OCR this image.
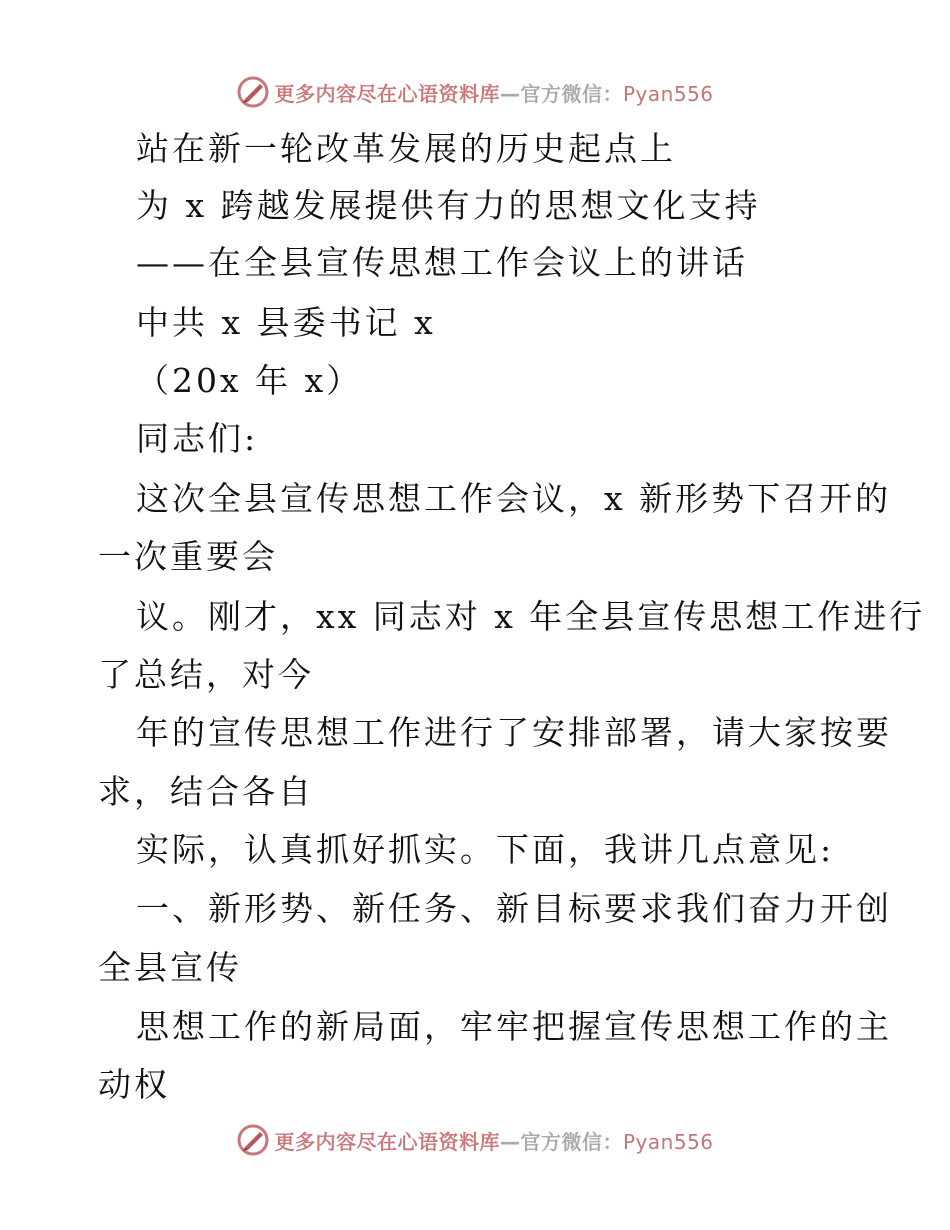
更多内容尽在心语资料库—官方微信：Pyan556
站在新一轮改革发展的历史起点上
为 x 跨越发展提供有力的思想文化支持
——在全县宣传思想工作会议上的讲话
中共 x 县委书记 x
（20x 年 x）
同志们:
这次全县宣传思想工作会议，x 新形势下召开的
一次重要会
议。刚才，xx 同志对 x 年全县宣传思想工作进行
了总结，对今
年的宣传思想工作进行了安排部署，请大家按要
求，结合各自
实际，认真抓好抓实。下面，我讲几点意见:
一、新形势、新任务、新目标要求我们奋力开创
全县宣传
思想工作的新局面，牢牢把握宣传思想工作的主
动权
更多内容尽在心语资料库—官方微信：Pyan556
